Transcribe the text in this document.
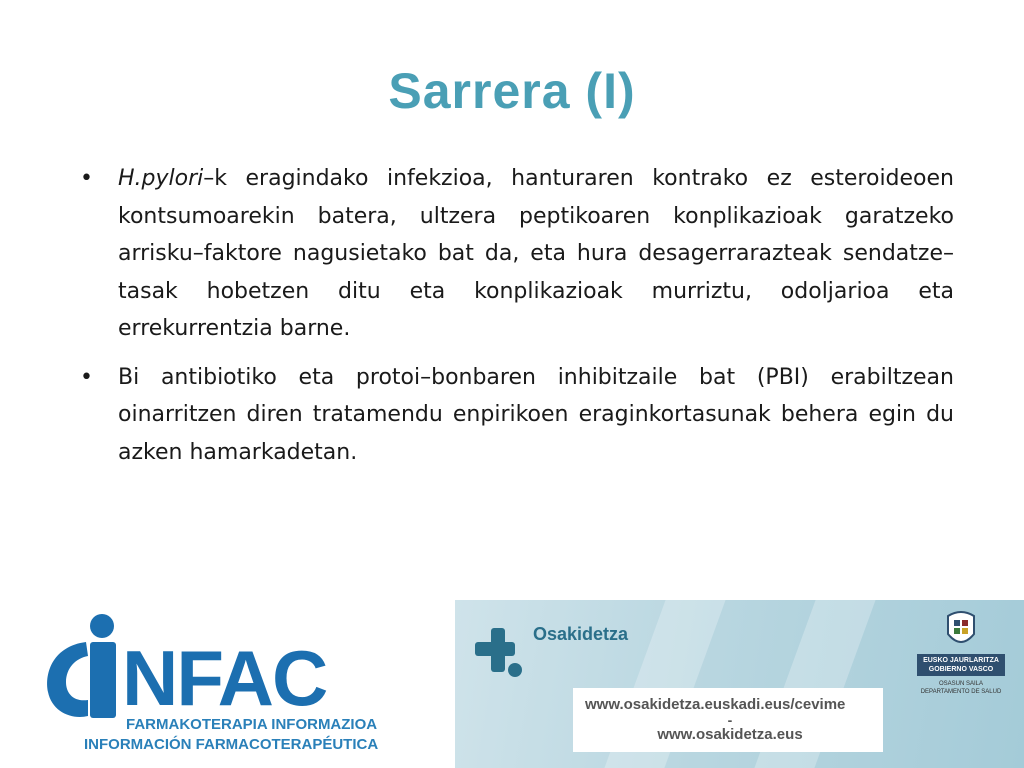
Sarrera (I)
• H.pylori–k eragindako infekzioa, hanturaren kontrako ez esteroideoen kontsumoarekin batera, ultzera peptikoaren konplikazioak garatzeko arrisku–faktore nagusietako bat da, eta hura desagerrarazteak sendatze–tasak hobetzen ditu eta konplikazioak murriztu, odoljarioa eta errekurrentzia barne.
• Bi antibiotiko eta protoi–bonbaren inhibitzaile bat (PBI) erabiltzean oinarritzen diren tratamendu enpirikoen eraginkortasunak behera egin du azken hamarkadetan.
NFAC
FARMAKOTERAPIA INFORMAZIOA
INFORMACIÓN FARMACOTERAPÉUTICA
Osakidetza
www.osakidetza.euskadi.eus/cevime
-
www.osakidetza.eus
EUSKO JAURLARITZA
GOBIERNO VASCO
OSASUN SAILA
DEPARTAMENTO DE SALUD
